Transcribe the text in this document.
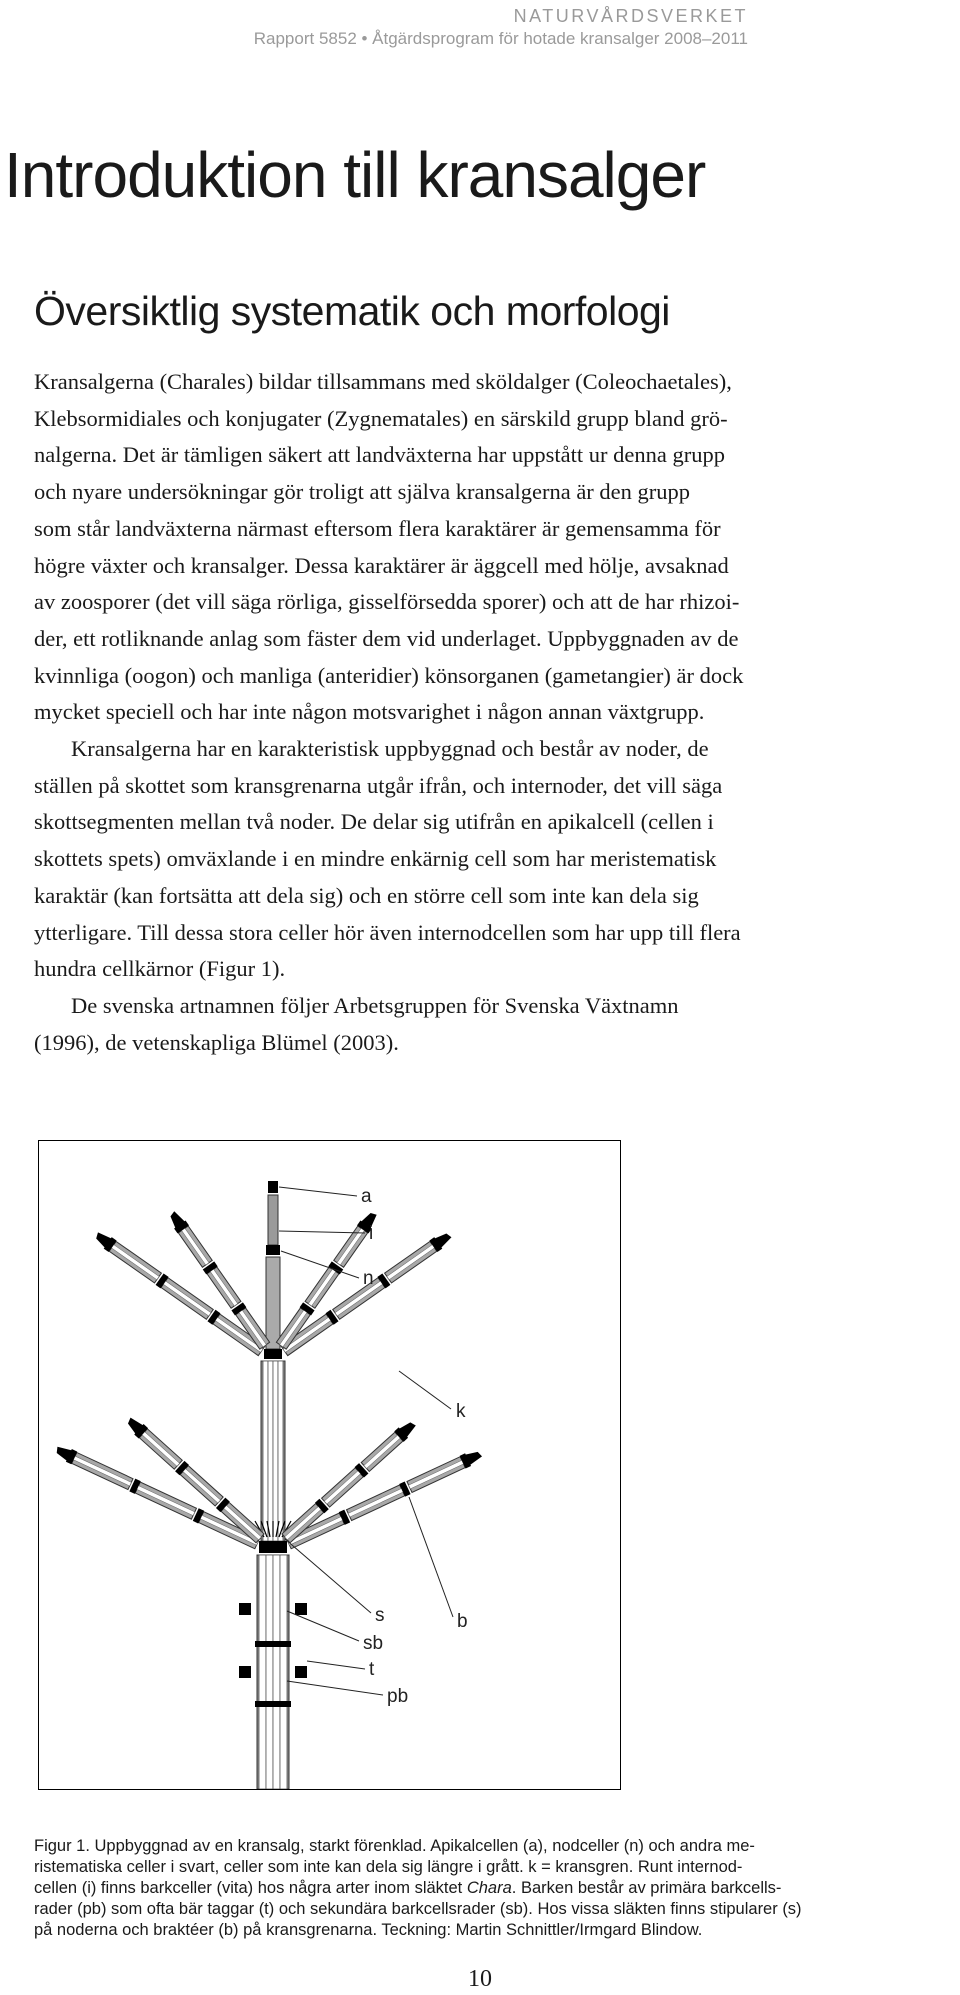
NATURVÅRDSVERKET
Rapport 5852 • Åtgärdsprogram för hotade kransalger 2008–2011
Introduktion till kransalger
Översiktlig systematik och morfologi
Kransalgerna (Charales) bildar tillsammans med sköldalger (Coleochaetales),
Klebsormidiales och konjugater (Zygnematales) en särskild grupp bland grö-
nalgerna. Det är tämligen säkert att landväxterna har uppstått ur denna grupp
och nyare undersökningar gör troligt att själva kransalgerna är den grupp
som står landväxterna närmast eftersom flera karaktärer är gemensamma för
högre växter och kransalger. Dessa karaktärer är äggcell med hölje, avsaknad
av zoosporer (det vill säga rörliga, gisselförsedda sporer) och att de har rhizoi-
der, ett rotliknande anlag som fäster dem vid underlaget. Uppbyggnaden av de
kvinnliga (oogon) och manliga (anteridier) könsorganen (gametangier) är dock
mycket speciell och har inte någon motsvarighet i någon annan växtgrupp.
Kransalgerna har en karakteristisk uppbyggnad och består av noder, de
ställen på skottet som kransgrenarna utgår ifrån, och internoder, det vill säga
skottsegmenten mellan två noder. De delar sig utifrån en apikalcell (cellen i
skottets spets) omväxlande i en mindre enkärnig cell som har meristematisk
karaktär (kan fortsätta att dela sig) och en större cell som inte kan dela sig
ytterligare. Till dessa stora celler hör även internodcellen som har upp till flera
hundra cellkärnor (Figur 1).
De svenska artnamnen följer Arbetsgruppen för Svenska Växtnamn
(1996), de vetenskapliga Blümel (2003).
a
i
n
k
s
sb
t
pb
b
Figur 1. Uppbyggnad av en kransalg, starkt förenklad. Apikalcellen (a), nodceller (n) och andra me-
ristematiska celler i svart, celler som inte kan dela sig längre i grått. k = kransgren. Runt internod-
cellen (i) finns barkceller (vita) hos några arter inom släktet Chara. Barken består av primära barkcells-
rader (pb) som ofta bär taggar (t) och sekundära barkcellsrader (sb). Hos vissa släkten finns stipularer (s)
på noderna och braktéer (b) på kransgrenarna. Teckning: Martin Schnittler/Irmgard Blindow.
10
